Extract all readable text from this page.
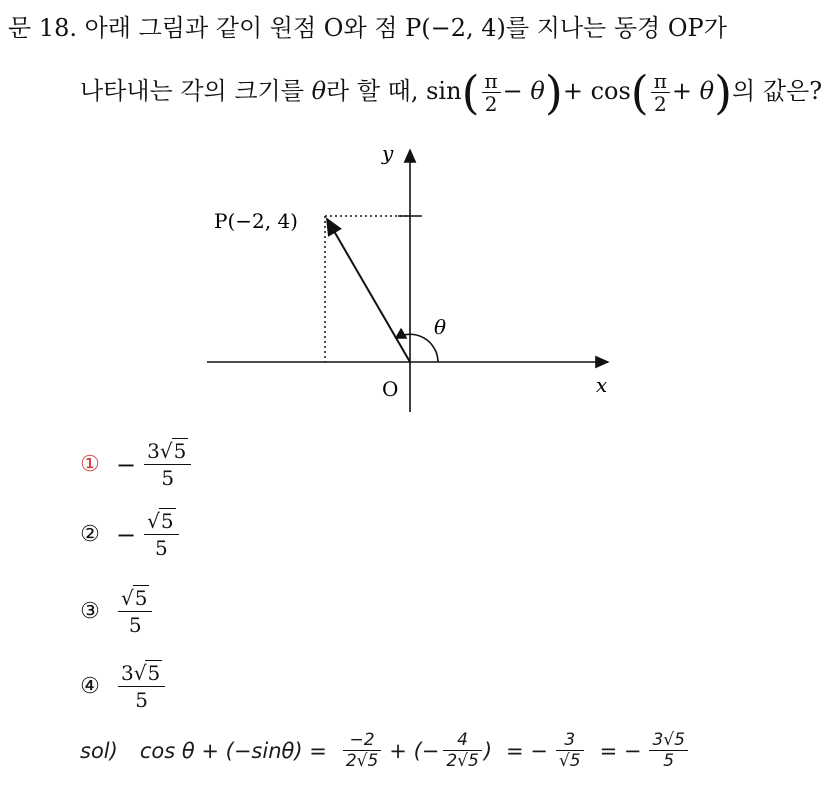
문 18. 아래 그림과 같이 원점 O와 점 P(−2, 4)를 지나는 동경 OP가
나타내는 각의 크기를 θ라 할 때, $\sin( \frac{\pi}{2} - \theta)+ \cos( \frac{\pi}{2} + \theta)$의 값은?
y
x
O
P(−2, 4)
θ
① − $\frac{3√5}{5}$
② − $\frac{√5}{5}$
③ $\frac{√5}{5}$
④ $\frac{3√5}{5}$
sol) $\cos \theta + (-\sin\theta) = \frac{-2}{2√5}$ + (− $\frac{4}{2√5}$ ) = − $\frac{3}{√5}$ = − $\frac{3√5}{5}$
